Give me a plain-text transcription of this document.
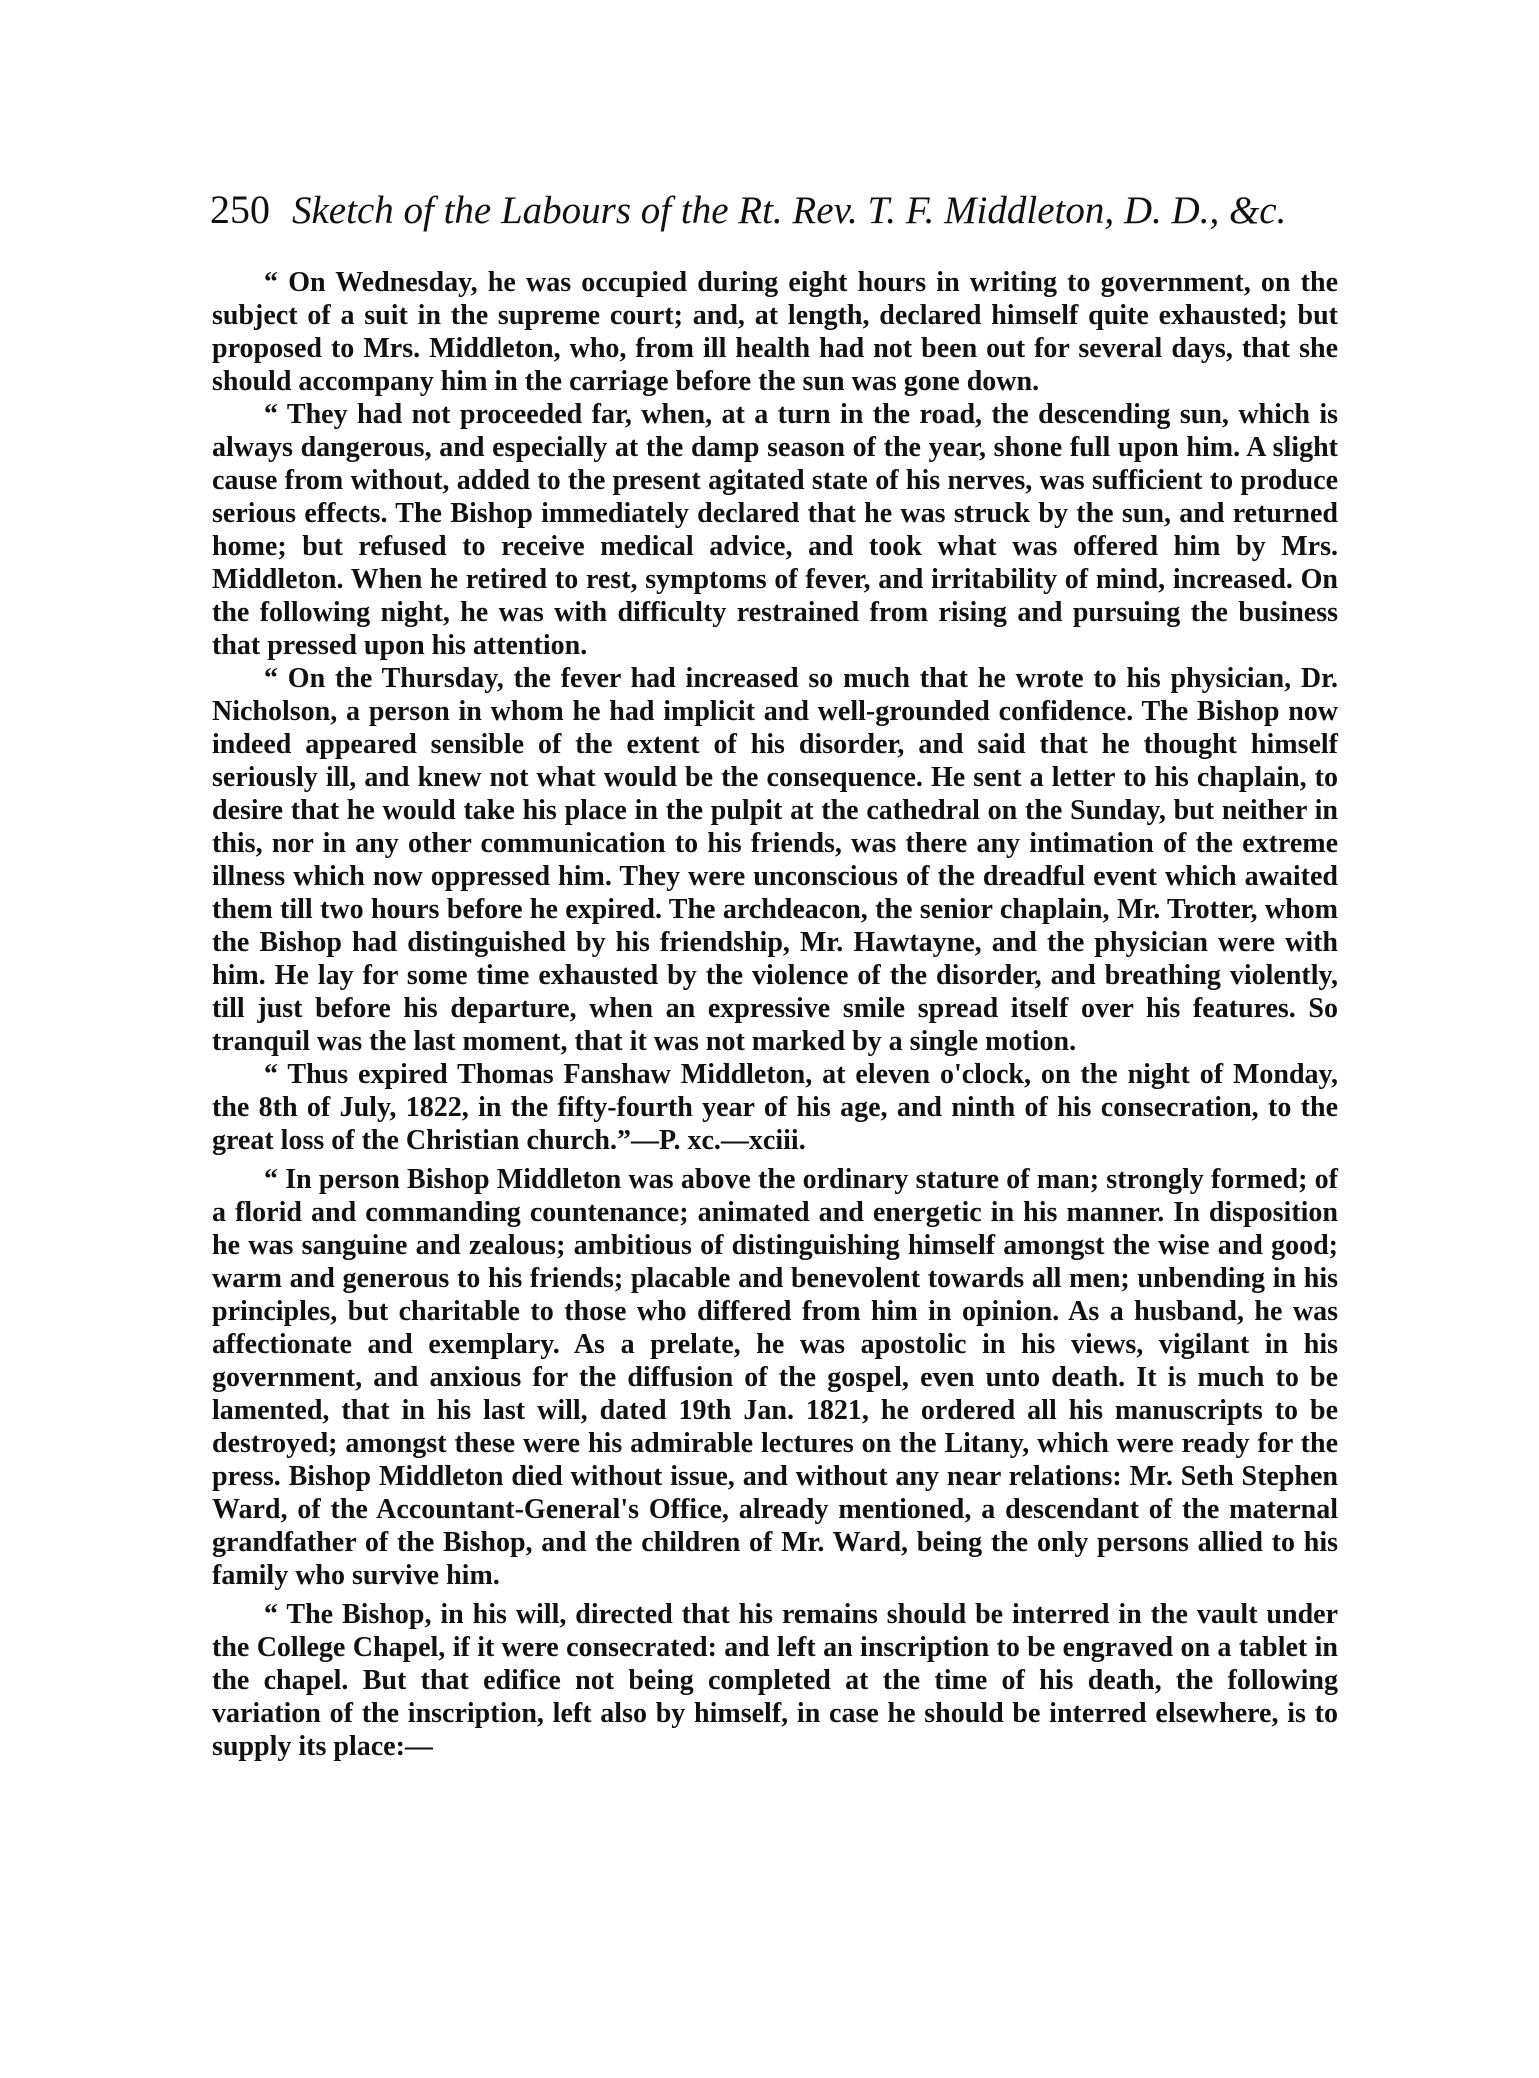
250 Sketch of the Labours of the Rt. Rev. T. F. Middleton, D. D., &c.

“ On Wednesday, he was occupied during eight hours in writing to government, on the subject of a suit in the supreme court; and, at length, declared himself quite exhausted; but proposed to Mrs. Middleton, who, from ill health had not been out for several days, that she should accompany him in the carriage before the sun was gone down.

“ They had not proceeded far, when, at a turn in the road, the descending sun, which is always dangerous, and especially at the damp season of the year, shone full upon him. A slight cause from without, added to the present agitated state of his nerves, was sufficient to produce serious effects. The Bishop immediately declared that he was struck by the sun, and returned home; but refused to receive medical advice, and took what was offered him by Mrs. Middleton. When he retired to rest, symptoms of fever, and irritability of mind, increased. On the following night, he was with difficulty restrained from rising and pursuing the business that pressed upon his attention.

“ On the Thursday, the fever had increased so much that he wrote to his physician, Dr. Nicholson, a person in whom he had implicit and well-grounded confidence. The Bishop now indeed appeared sensible of the extent of his disorder, and said that he thought himself seriously ill, and knew not what would be the consequence. He sent a letter to his chaplain, to desire that he would take his place in the pulpit at the cathedral on the Sunday, but neither in this, nor in any other communication to his friends, was there any intimation of the extreme illness which now oppressed him. They were unconscious of the dreadful event which awaited them till two hours before he expired. The archdeacon, the senior chaplain, Mr. Trotter, whom the Bishop had distinguished by his friendship, Mr. Hawtayne, and the physician were with him. He lay for some time exhausted by the violence of the disorder, and breathing violently, till just before his departure, when an expressive smile spread itself over his features. So tranquil was the last moment, that it was not marked by a single motion.

“ Thus expired Thomas Fanshaw Middleton, at eleven o'clock, on the night of Monday, the 8th of July, 1822, in the fifty-fourth year of his age, and ninth of his consecration, to the great loss of the Christian church.”—P. xc.—xciii.

“ In person Bishop Middleton was above the ordinary stature of man; strongly formed; of a florid and commanding countenance; animated and energetic in his manner. In disposition he was sanguine and zealous; ambitious of distinguishing himself amongst the wise and good; warm and generous to his friends; placable and benevolent towards all men; unbending in his principles, but charitable to those who differed from him in opinion. As a husband, he was affectionate and exemplary. As a prelate, he was apostolic in his views, vigilant in his government, and anxious for the diffusion of the gospel, even unto death. It is much to be lamented, that in his last will, dated 19th Jan. 1821, he ordered all his manuscripts to be destroyed; amongst these were his admirable lectures on the Litany, which were ready for the press. Bishop Middleton died without issue, and without any near relations: Mr. Seth Stephen Ward, of the Accountant-General's Office, already mentioned, a descendant of the maternal grandfather of the Bishop, and the children of Mr. Ward, being the only persons allied to his family who survive him.

“ The Bishop, in his will, directed that his remains should be interred in the vault under the College Chapel, if it were consecrated: and left an inscription to be engraved on a tablet in the chapel. But that edifice not being completed at the time of his death, the following variation of the inscription, left also by himself, in case he should be interred elsewhere, is to supply its place:—
